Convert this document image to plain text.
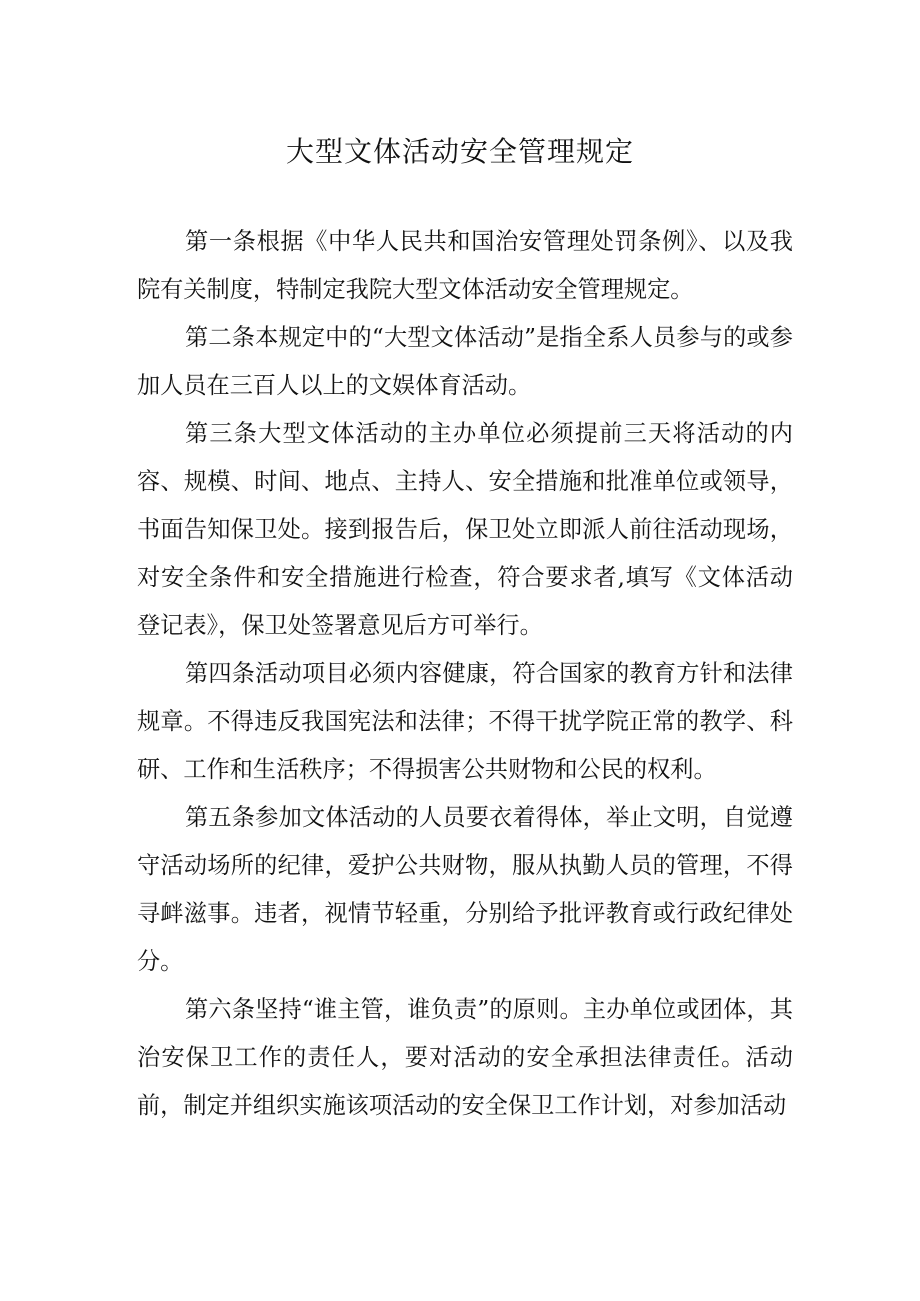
大型文体活动安全管理规定

第一条根据《中华人民共和国治安管理处罚条例》、以及我院有关制度，特制定我院大型文体活动安全管理规定。

第二条本规定中的“大型文体活动”是指全系人员参与的或参加人员在三百人以上的文娱体育活动。

第三条大型文体活动的主办单位必须提前三天将活动的内容、规模、时间、地点、主持人、安全措施和批准单位或领导，书面告知保卫处。接到报告后，保卫处立即派人前往活动现场，对安全条件和安全措施进行检查，符合要求者,填写《文体活动登记表》，保卫处签署意见后方可举行。

第四条活动项目必须内容健康，符合国家的教育方针和法律规章。不得违反我国宪法和法律；不得干扰学院正常的教学、科研、工作和生活秩序；不得损害公共财物和公民的权利。

第五条参加文体活动的人员要衣着得体，举止文明，自觉遵守活动场所的纪律，爱护公共财物，服从执勤人员的管理，不得寻衅滋事。违者，视情节轻重，分别给予批评教育或行政纪律处分。

第六条坚持“谁主管，谁负责”的原则。主办单位或团体，其治安保卫工作的责任人，要对活动的安全承担法律责任。活动前，制定并组织实施该项活动的安全保卫工作计划，对参加活动
